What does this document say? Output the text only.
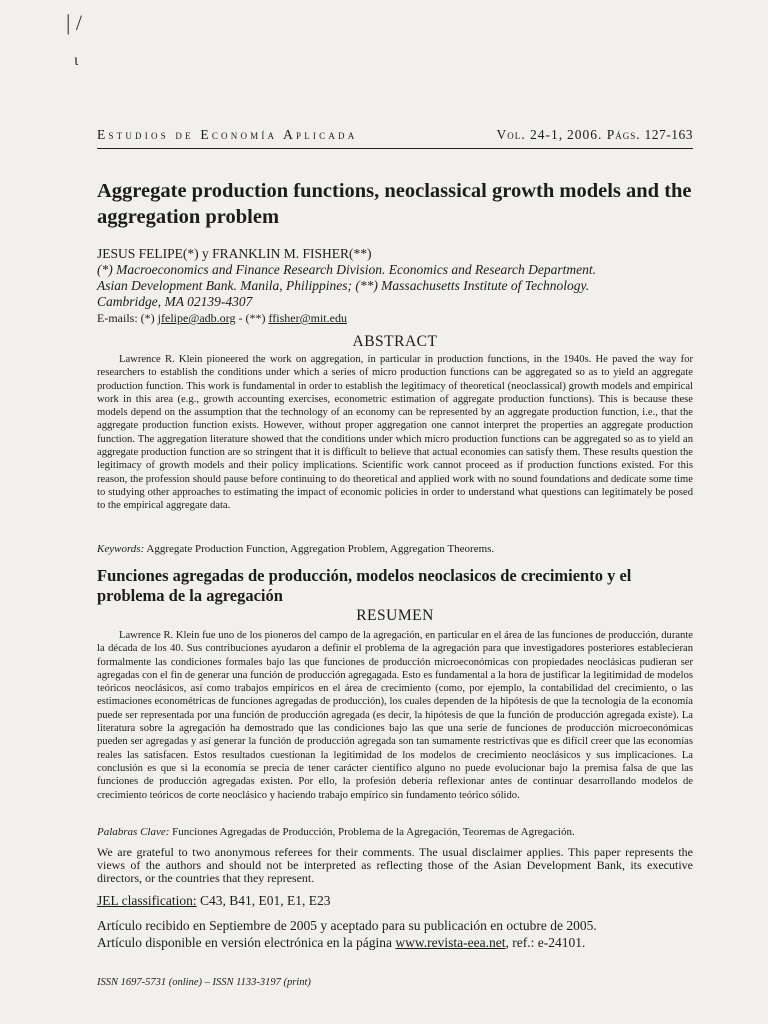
| /
ι
Estudios de Economía Aplicada	Vol. 24-1, 2006. Págs. 127-163
Aggregate production functions, neoclassical growth models and the aggregation problem
JESUS FELIPE(*) y FRANKLIN M. FISHER(**)
(*) Macroeconomics and Finance Research Division. Economics and Research Department.
Asian Development Bank. Manila, Philippines; (**) Massachusetts Institute of Technology.
Cambridge, MA 02139-4307
E-mails: (*) jfelipe@adb.org - (**) ffisher@mit.edu
ABSTRACT

Lawrence R. Klein pioneered the work on aggregation, in particular in production functions, in the 1940s. He paved the way for researchers to establish the conditions under which a series of micro production functions can be aggregated so as to yield an aggregate production function. This work is fundamental in order to establish the legitimacy of theoretical (neoclassical) growth models and empirical work in this area (e.g., growth accounting exercises, econometric estimation of aggregate production functions). This is because these models depend on the assumption that the technology of an economy can be represented by an aggregate production function, i.e., that the aggregate production function exists. However, without proper aggregation one cannot interpret the properties an aggregate production function. The aggregation literature showed that the conditions under which micro production functions can be aggregated so as to yield an aggregate production function are so stringent that it is difficult to believe that actual economies can satisfy them. These results question the legitimacy of growth models and their policy implications. Scientific work cannot proceed as if production functions existed. For this reason, the profession should pause before continuing to do theoretical and applied work with no sound foundations and dedicate some time to studying other approaches to estimating the impact of economic policies in order to understand what questions can legitimately be posed to the empirical aggregate data.

Keywords: Aggregate Production Function, Aggregation Problem, Aggregation Theorems.
Funciones agregadas de producción, modelos neoclasicos de crecimiento y el problema de la agregación
RESUMEN

Lawrence R. Klein fue uno de los pioneros del campo de la agregación, en particular en el área de las funciones de producción, durante la década de los 40. Sus contribuciones ayudaron a definir el problema de la agregación para que investigadores posteriores establecieran formalmente las condiciones formales bajo las que funciones de producción microeconómicas con propiedades neoclásicas pudieran ser agregadas con el fin de generar una función de producción agregagada. Esto es fundamental a la hora de justificar la legitimidad de modelos teóricos neoclásicos, así como trabajos empíricos en el área de crecimiento (como, por ejemplo, la contabilidad del crecimiento, o las estimaciones econométricas de funciones agregadas de producción), los cuales dependen de la hipótesis de que la tecnología de la economía puede ser representada por una función de producción agregada (es decir, la hipótesis de que la función de producción agregada existe). La literatura sobre la agregación ha demostrado que las condiciones bajo las que una serie de funciones de producción microeconómicas pueden ser agregadas y así generar la función de producción agregada son tan sumamente restrictivas que es difícil creer que las economías reales las satisfacen. Estos resultados cuestionan la legitimidad de los modelos de crecimiento neoclásicos y sus implicaciones. La conclusión es que si la economía se precia de tener carácter científico alguno no puede evolucionar bajo la premisa falsa de que las funciones de producción agregadas existen. Por ello, la profesión debería reflexionar antes de continuar desarrollando modelos de crecimiento teóricos de corte neoclásico y haciendo trabajo empírico sin fundamento teórico sólido.

Palabras Clave: Funciones Agregadas de Producción, Problema de la Agregación, Teoremas de Agregación.
We are grateful to two anonymous referees for their comments. The usual disclaimer applies. This paper represents the views of the authors and should not be interpreted as reflecting those of the Asian Development Bank, its executive directors, or the countries that they represent.
JEL classification: C43, B41, E01, E1, E23
Artículo recibido en Septiembre de 2005 y aceptado para su publicación en octubre de 2005.
Artículo disponible en versión electrónica en la página www.revista-eea.net, ref.: e-24101.
ISSN 1697-5731 (online) – ISSN 1133-3197 (print)
